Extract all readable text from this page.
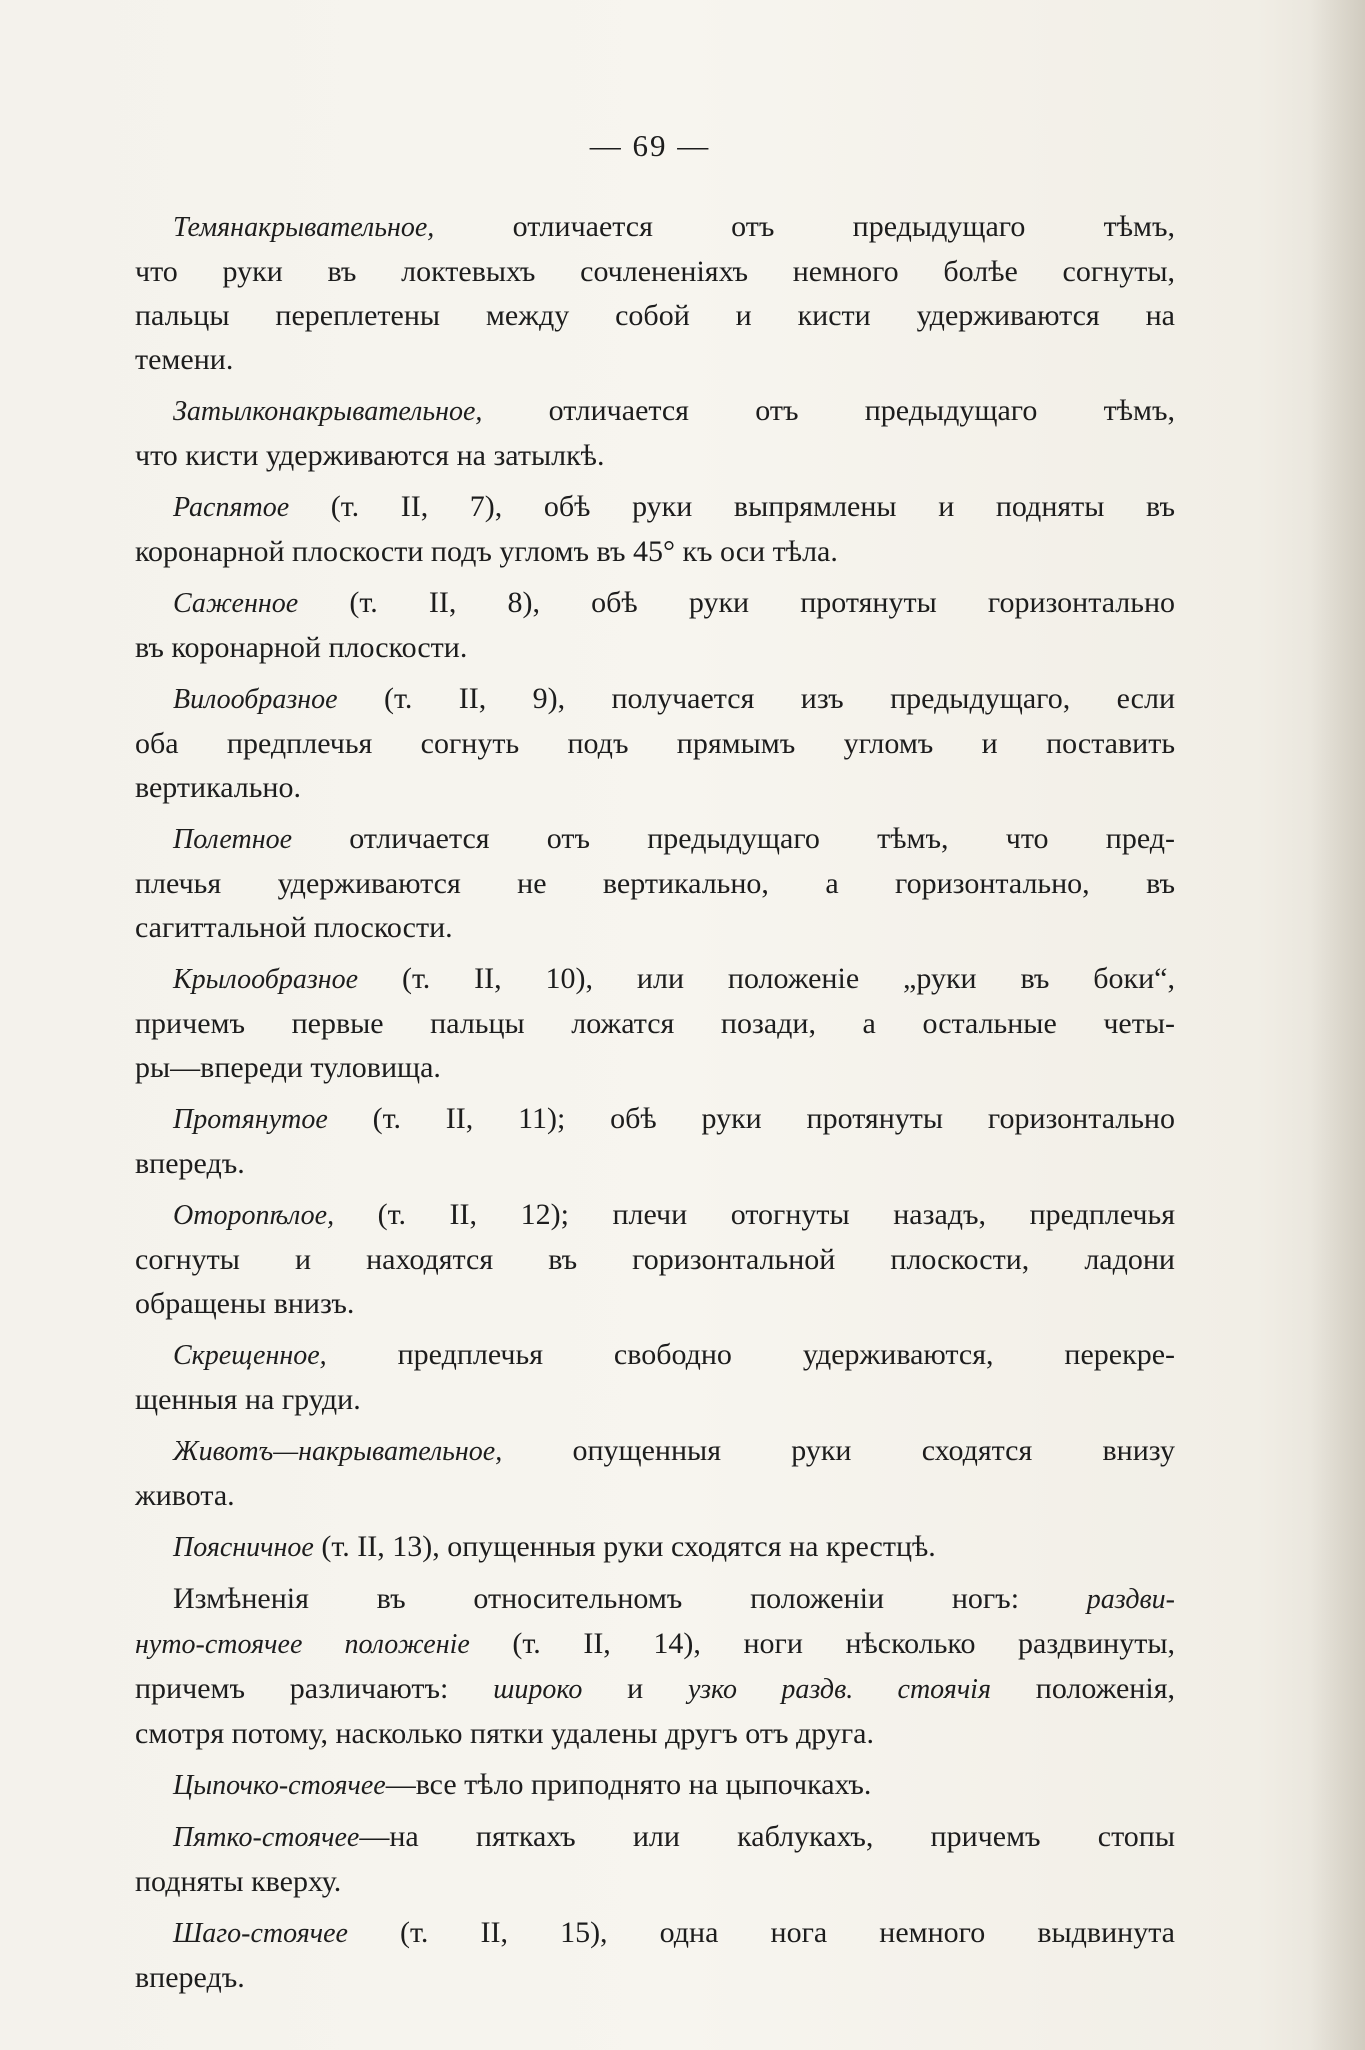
— 69 —

Темянакрывательное, отличается отъ предыдущаго тѣмъ,
что руки въ локтевыхъ сочлененіяхъ немного болѣе согнуты,
пальцы переплетены между собой и кисти удерживаются на
темени.

Затылконакрывательное, отличается отъ предыдущаго тѣмъ,
что кисти удерживаются на затылкѣ.

Распятое (т. II, 7), обѣ руки выпрямлены и подняты въ
коронарной плоскости подъ угломъ въ 45° къ оси тѣла.

Саженное (т. II, 8), обѣ руки протянуты горизонтально
въ коронарной плоскости.

Вилообразное (т. II, 9), получается изъ предыдущаго, если
оба предплечья согнуть подъ прямымъ угломъ и поставить
вертикально.

Полетное отличается отъ предыдущаго тѣмъ, что пред-
плечья удерживаются не вертикально, а горизонтально, въ
сагиттальной плоскости.

Крылообразное (т. II, 10), или положеніе „руки въ боки“,
причемъ первые пальцы ложатся позади, а остальные четы-
ры—впереди туловища.

Протянутое (т. II, 11); обѣ руки протянуты горизонтально
впередъ.

Оторопѣлое, (т. II, 12); плечи отогнуты назадъ, предплечья
согнуты и находятся въ горизонтальной плоскости, ладони
обращены внизъ.

Скрещенное, предплечья свободно удерживаются, перекре-
щенныя на груди.

Животъ—накрывательное, опущенныя руки сходятся внизу
живота.

Поясничное (т. II, 13), опущенныя руки сходятся на крестцѣ.

Измѣненія въ относительномъ положеніи ногъ: раздви-
нуто-стоячее положеніе (т. II, 14), ноги нѣсколько раздвинуты,
причемъ различаютъ: широко и узко раздв. стоячія положенія,
смотря потому, насколько пятки удалены другъ отъ друга.

Цыпочко-стоячее—все тѣло приподнято на цыпочкахъ.

Пятко-стоячее—на пяткахъ или каблукахъ, причемъ стопы
подняты кверху.

Шаго-стоячее (т. II, 15), одна нога немного выдвинута
впередъ.
